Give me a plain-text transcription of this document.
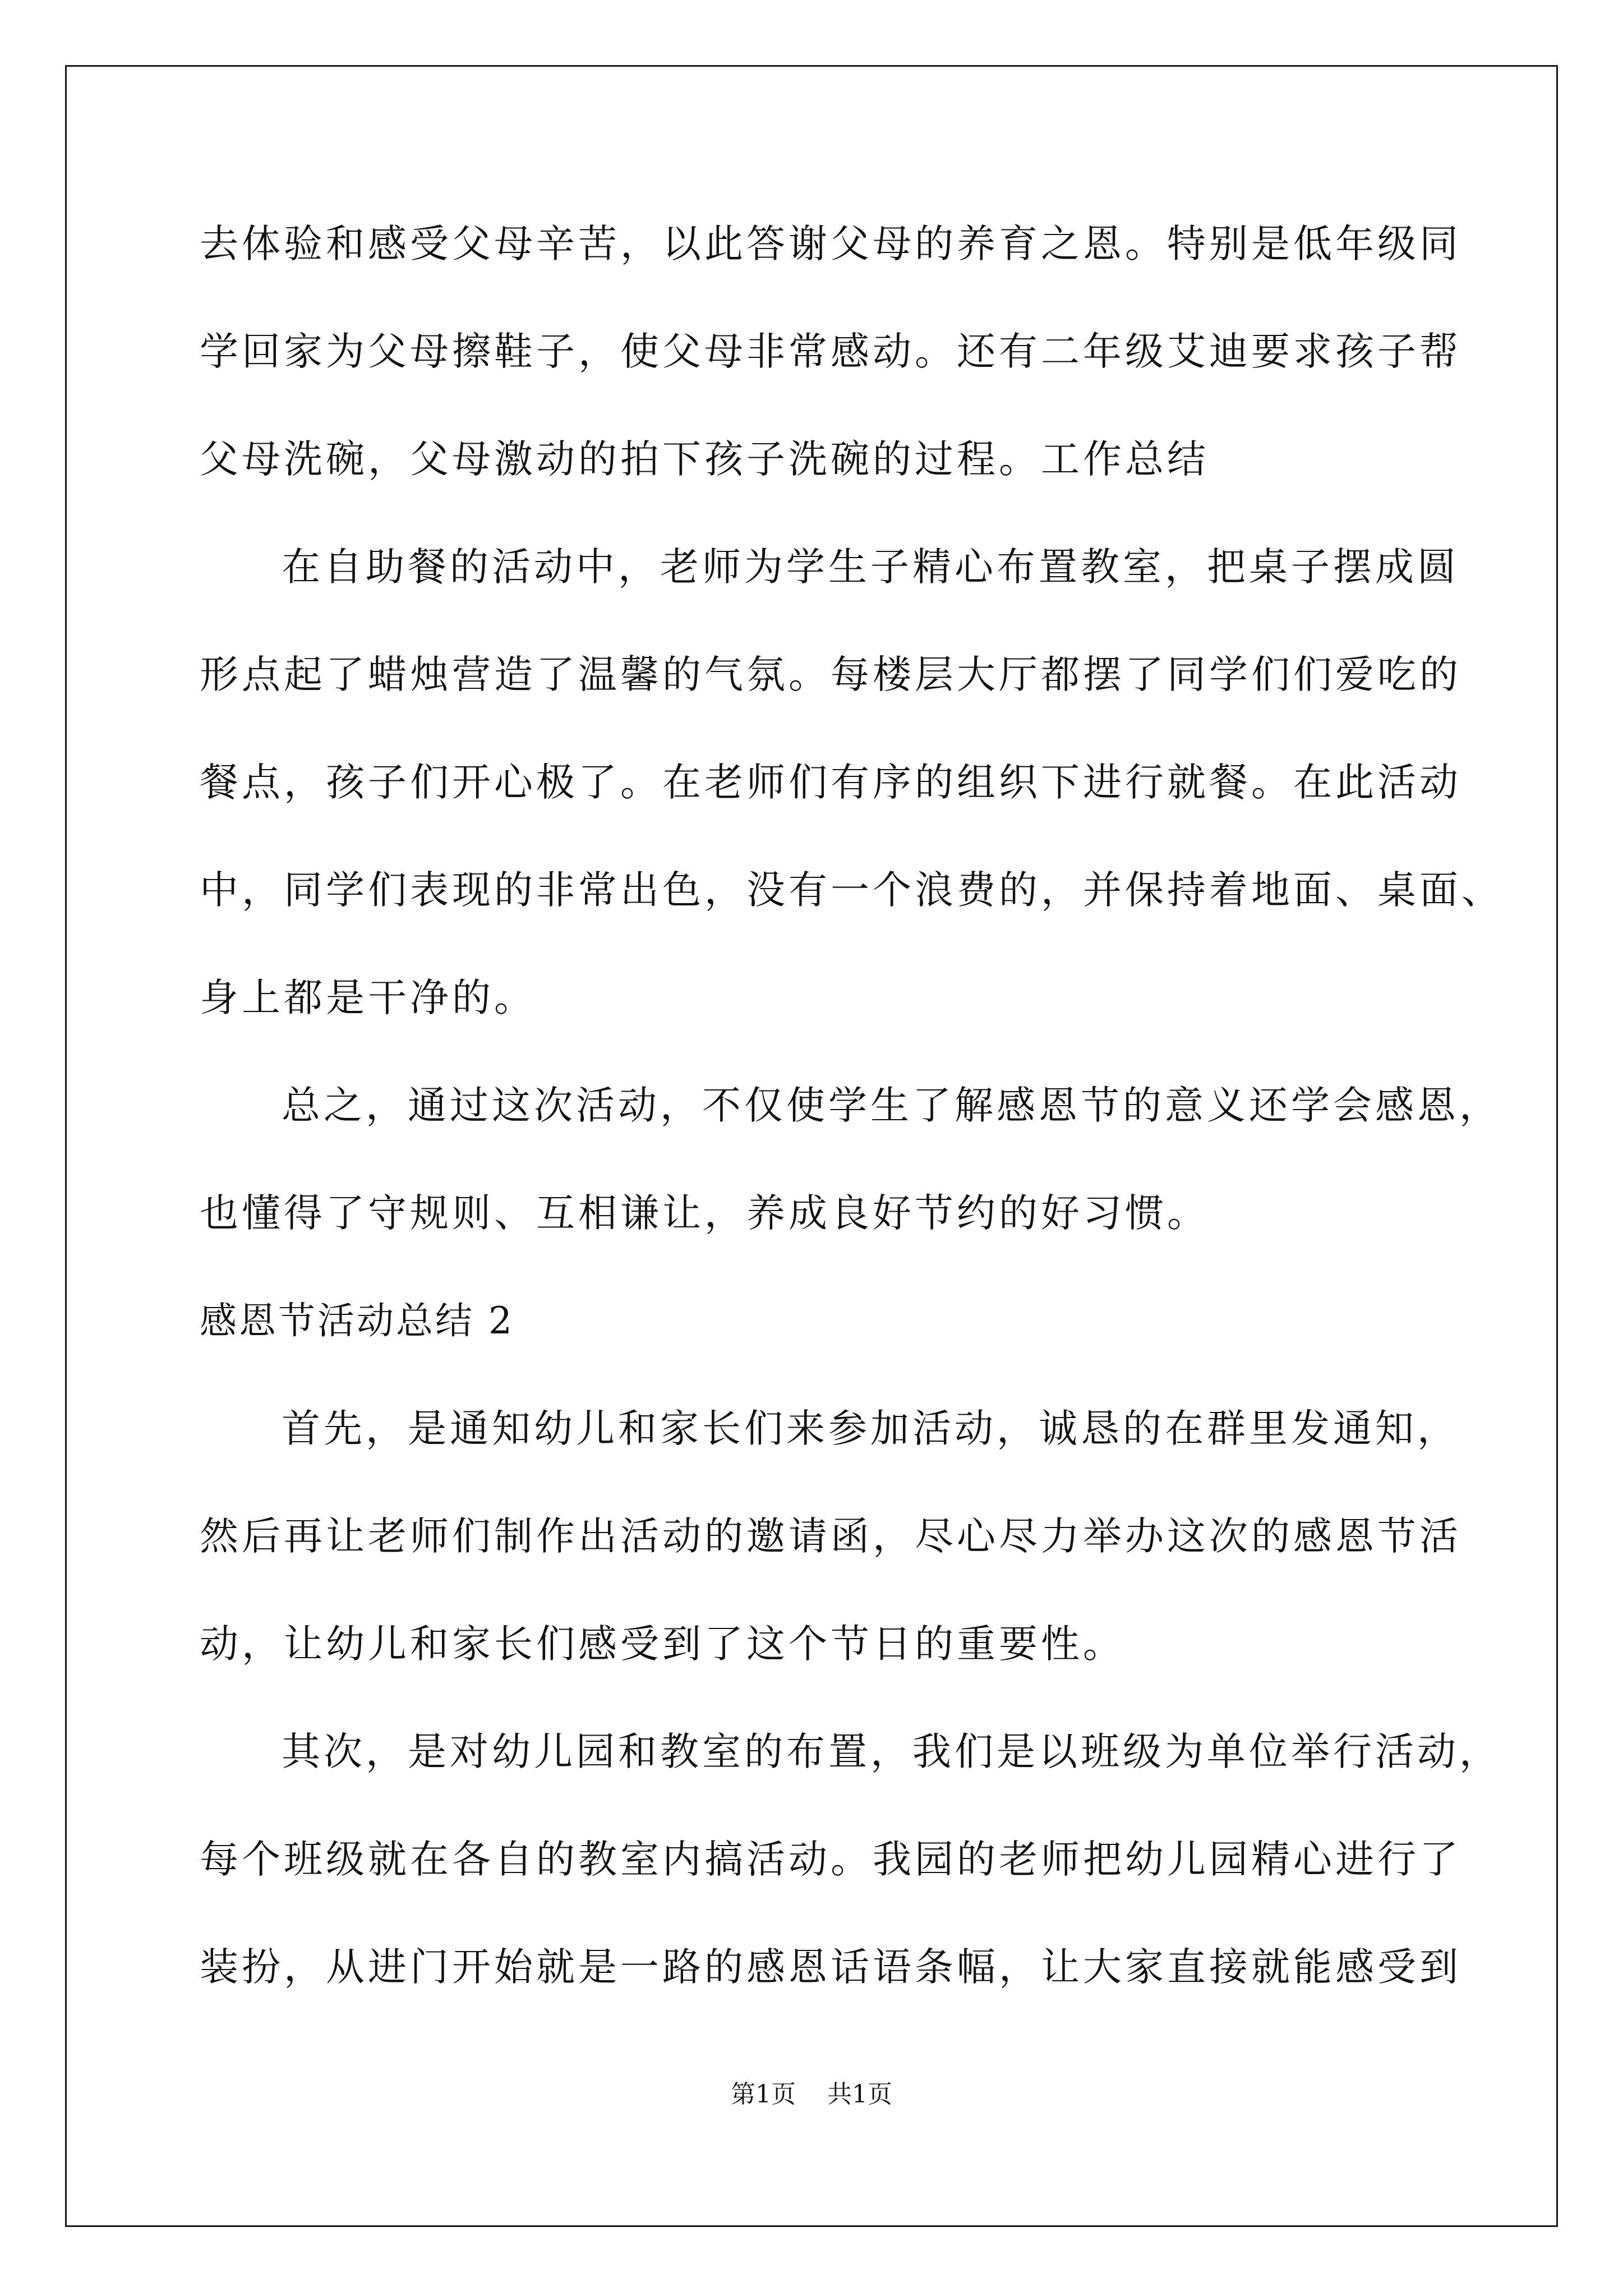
去体验和感受父母辛苦，以此答谢父母的养育之恩。特别是低年级同
学回家为父母擦鞋子，使父母非常感动。还有二年级艾迪要求孩子帮
父母洗碗，父母激动的拍下孩子洗碗的过程。工作总结
在自助餐的活动中，老师为学生子精心布置教室，把桌子摆成圆
形点起了蜡烛营造了温馨的气氛。每楼层大厅都摆了同学们们爱吃的
餐点，孩子们开心极了。在老师们有序的组织下进行就餐。在此活动
中，同学们表现的非常出色，没有一个浪费的，并保持着地面、桌面、
身上都是干净的。
总之，通过这次活动，不仅使学生了解感恩节的意义还学会感恩，
也懂得了守规则、互相谦让，养成良好节约的好习惯。
感恩节活动总结 2
首先，是通知幼儿和家长们来参加活动，诚恳的在群里发通知，
然后再让老师们制作出活动的邀请函，尽心尽力举办这次的感恩节活
动，让幼儿和家长们感受到了这个节日的重要性。
其次，是对幼儿园和教室的布置，我们是以班级为单位举行活动，
每个班级就在各自的教室内搞活动。我园的老师把幼儿园精心进行了
装扮，从进门开始就是一路的感恩话语条幅，让大家直接就能感受到
第1页 共1页
